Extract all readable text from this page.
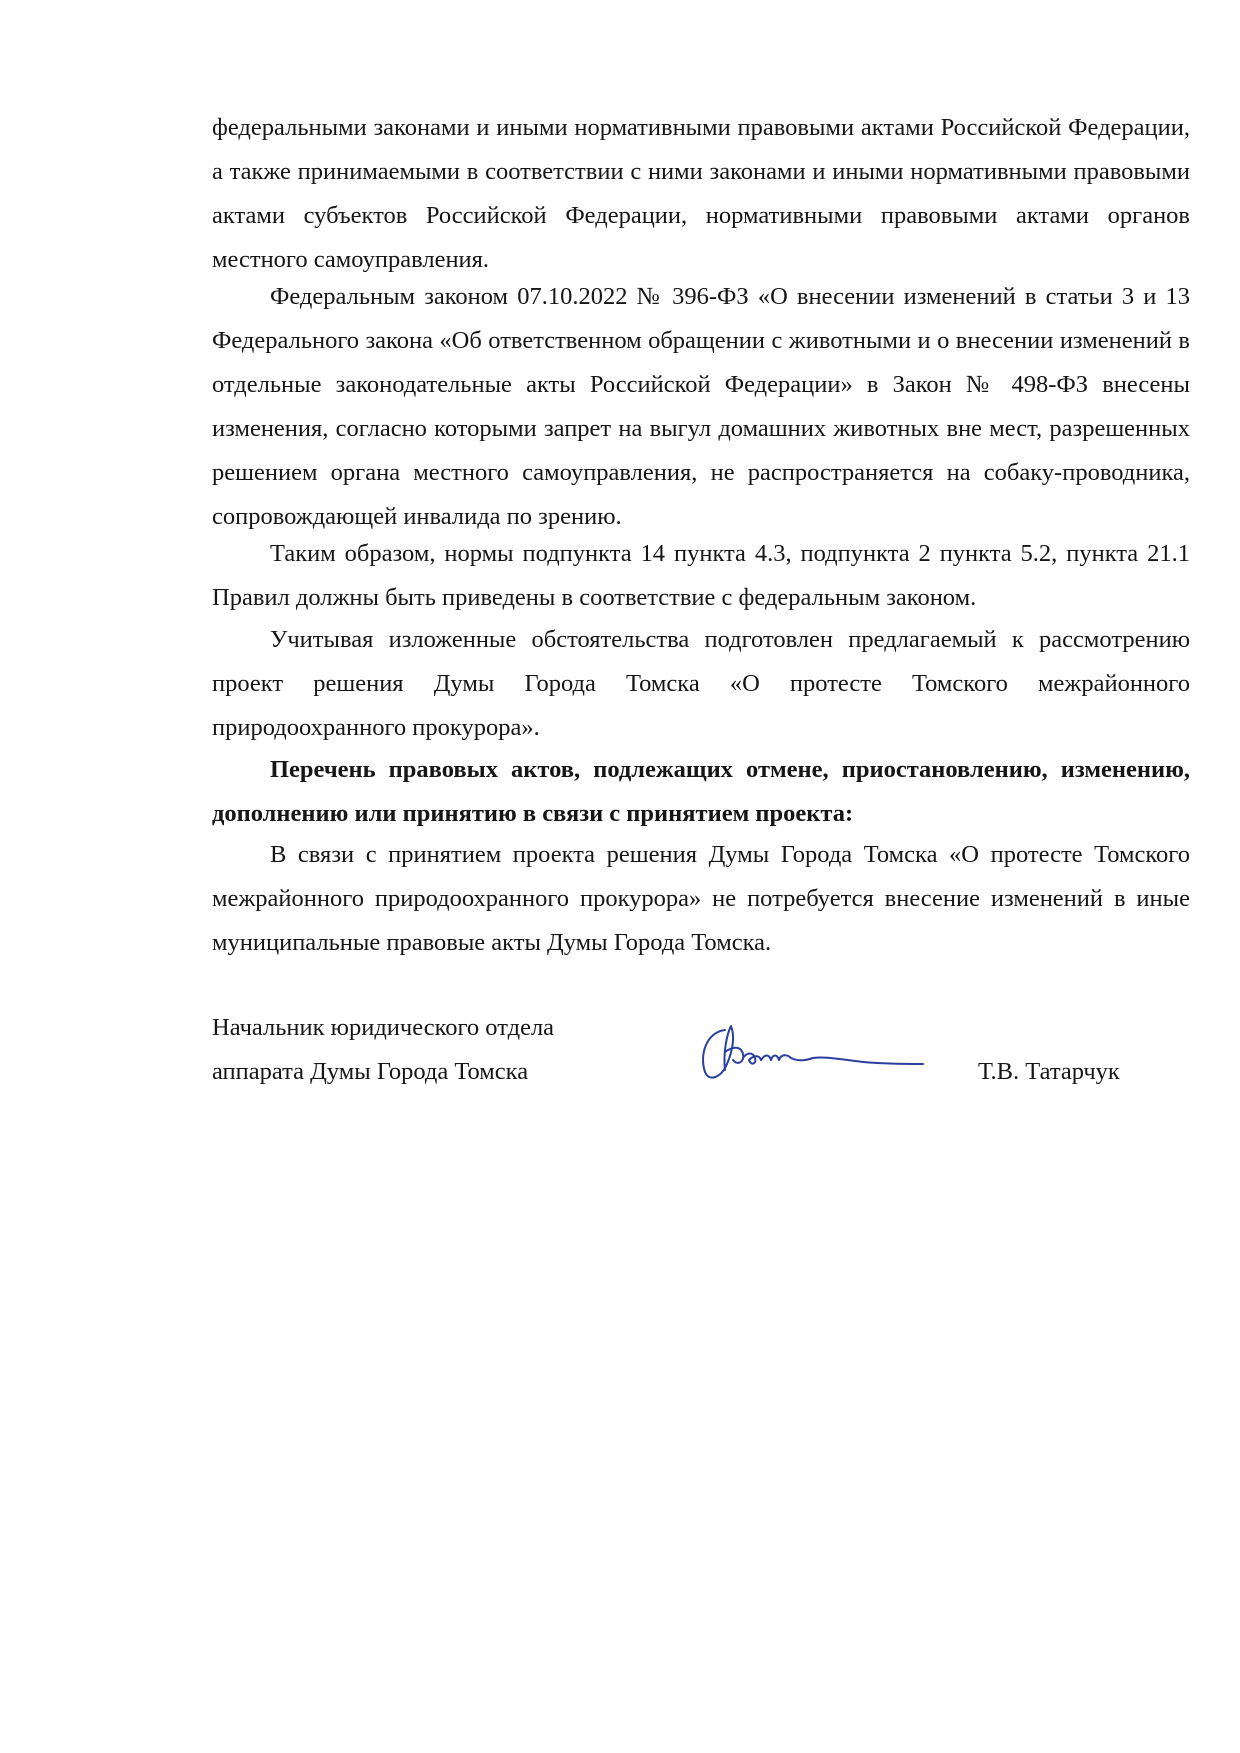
федеральными законами и иными нормативными правовыми актами Российской Федерации, а также принимаемыми в соответствии с ними законами и иными нормативными правовыми актами субъектов Российской Федерации, нормативными правовыми актами органов местного самоуправления.

Федеральным законом 07.10.2022 № 396-ФЗ «О внесении изменений в статьи 3 и 13 Федерального закона «Об ответственном обращении с животными и о внесении изменений в отдельные законодательные акты Российской Федерации» в Закон № 498-ФЗ внесены изменения, согласно которыми запрет на выгул домашних животных вне мест, разрешенных решением органа местного самоуправления, не распространяется на собаку-проводника, сопровождающей инвалида по зрению.

Таким образом, нормы подпункта 14 пункта 4.3, подпункта 2 пункта 5.2, пункта 21.1 Правил должны быть приведены в соответствие с федеральным законом.

Учитывая изложенные обстоятельства подготовлен предлагаемый к рассмотрению проект решения Думы Города Томска «О протесте Томского межрайонного природоохранного прокурора».

Перечень правовых актов, подлежащих отмене, приостановлению, изменению, дополнению или принятию в связи с принятием проекта:

В связи с принятием проекта решения Думы Города Томска «О протесте Томского межрайонного природоохранного прокурора» не потребуется внесение изменений в иные муниципальные правовые акты Думы Города Томска.

Начальник юридического отдела
аппарата Думы Города Томска	Т.В. Татарчук
